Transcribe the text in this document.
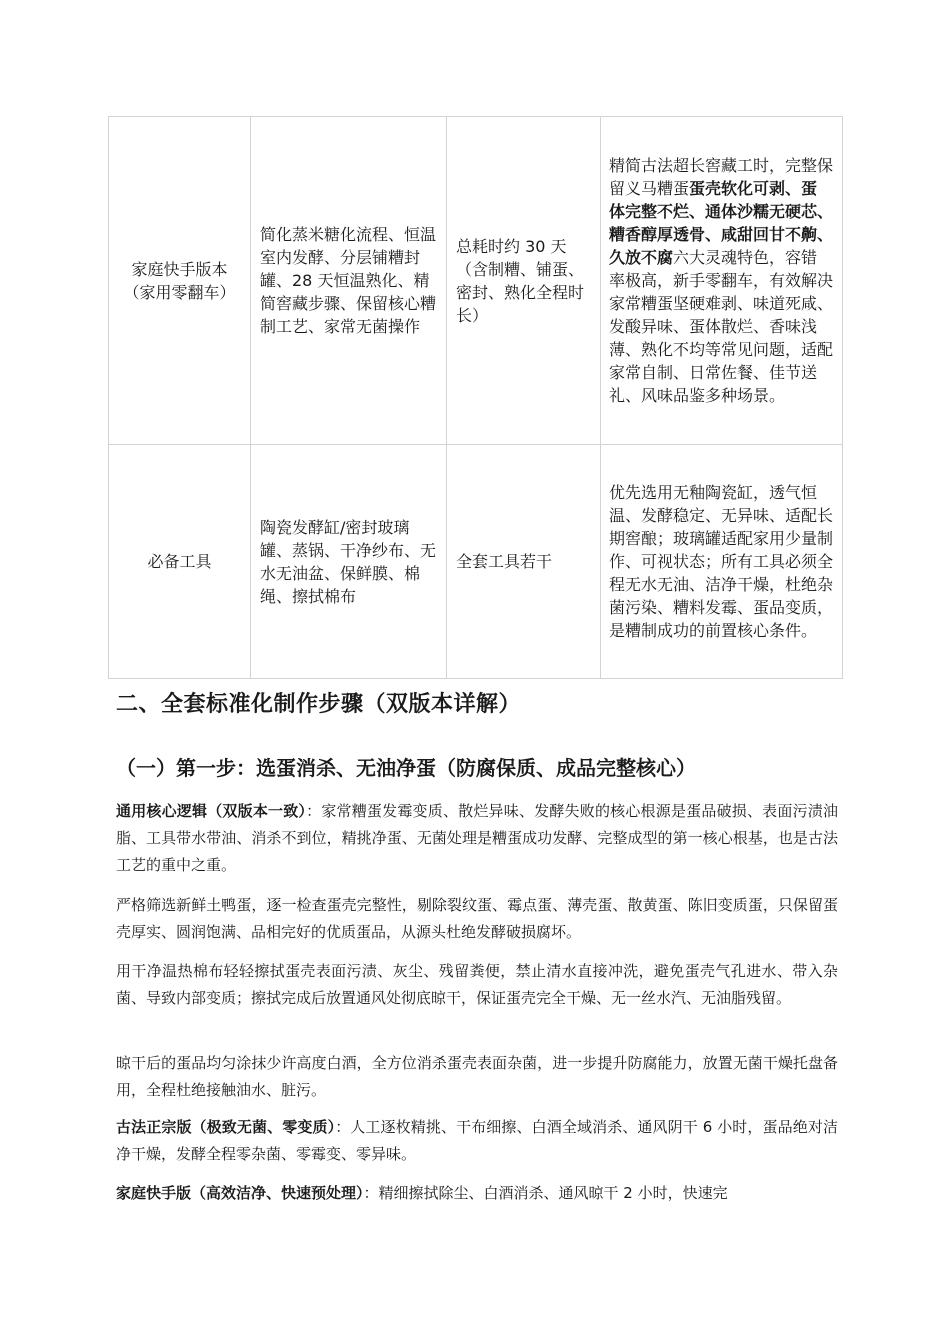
家庭快手版本（家用零翻车）	简化蒸米糖化流程、恒温室内发酵、分层铺糟封罐、28 天恒温熟化、精简窖藏步骤、保留核心糟制工艺、家常无菌操作	总耗时约 30 天（含制糟、铺蛋、密封、熟化全程时长）	精简古法超长窖藏工时，完整保留义马糟蛋蛋壳软化可剥、蛋体完整不烂、通体沙糯无硬芯、糟香醇厚透骨、咸甜回甘不齁、久放不腐六大灵魂特色，容错率极高，新手零翻车，有效解决家常糟蛋坚硬难剥、味道死咸、发酸异味、蛋体散烂、香味浅薄、熟化不均等常见问题，适配家常自制、日常佐餐、佳节送礼、风味品鉴多种场景。
必备工具	陶瓷发酵缸/密封玻璃罐、蒸锅、干净纱布、无水无油盆、保鲜膜、棉绳、擦拭棉布	全套工具若干	优先选用无釉陶瓷缸，透气恒温、发酵稳定、无异味、适配长期窖酿；玻璃罐适配家用少量制作、可视状态；所有工具必须全程无水无油、洁净干燥，杜绝杂菌污染、糟料发霉、蛋品变质，是糟制成功的前置核心条件。
二、全套标准化制作步骤（双版本详解）
（一）第一步：选蛋消杀、无油净蛋（防腐保质、成品完整核心）

通用核心逻辑（双版本一致）：家常糟蛋发霉变质、散烂异味、发酵失败的核心根源是蛋品破损、表面污渍油脂、工具带水带油、消杀不到位，精挑净蛋、无菌处理是糟蛋成功发酵、完整成型的第一核心根基，也是古法工艺的重中之重。

严格筛选新鲜土鸭蛋，逐一检查蛋壳完整性，剔除裂纹蛋、霉点蛋、薄壳蛋、散黄蛋、陈旧变质蛋，只保留蛋壳厚实、圆润饱满、品相完好的优质蛋品，从源头杜绝发酵破损腐坏。

用干净温热棉布轻轻擦拭蛋壳表面污渍、灰尘、残留粪便，禁止清水直接冲洗，避免蛋壳气孔进水、带入杂菌、导致内部变质；擦拭完成后放置通风处彻底晾干，保证蛋壳完全干燥、无一丝水汽、无油脂残留。

晾干后的蛋品均匀涂抹少许高度白酒，全方位消杀蛋壳表面杂菌，进一步提升防腐能力，放置无菌干燥托盘备用，全程杜绝接触油水、脏污。

古法正宗版（极致无菌、零变质）：人工逐枚精挑、干布细擦、白酒全域消杀、通风阴干 6 小时，蛋品绝对洁净干燥，发酵全程零杂菌、零霉变、零异味。

家庭快手版（高效洁净、快速预处理）：精细擦拭除尘、白酒消杀、通风晾干 2 小时，快速完
